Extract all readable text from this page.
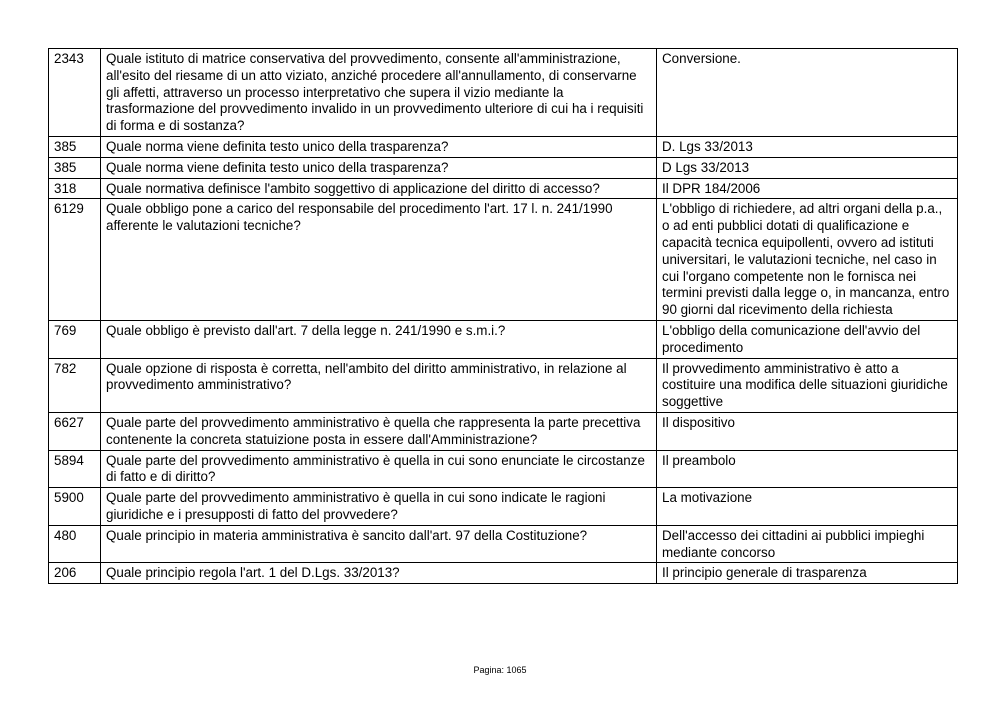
2343	Quale istituto di matrice conservativa del provvedimento, consente all'amministrazione, all'esito del riesame di un atto viziato, anziché procedere all'annullamento, di conservarne gli affetti, attraverso un processo interpretativo che supera il vizio mediante la trasformazione del provvedimento invalido in un provvedimento ulteriore di cui ha i requisiti di forma e di sostanza?	Conversione.
385	Quale norma viene definita testo unico della trasparenza?	D. Lgs 33/2013
385	Quale norma viene definita testo unico della trasparenza?	D Lgs 33/2013
318	Quale normativa definisce l'ambito soggettivo di applicazione del diritto di accesso?	Il DPR 184/2006
6129	Quale obbligo pone a carico del responsabile del procedimento l'art. 17 l. n. 241/1990 afferente le valutazioni tecniche?	L'obbligo di richiedere, ad altri organi della p.a., o ad enti pubblici dotati di qualificazione e capacità tecnica equipollenti, ovvero ad istituti universitari, le valutazioni tecniche, nel caso in cui l'organo competente non le fornisca nei termini previsti dalla legge o, in mancanza, entro 90 giorni dal ricevimento della richiesta
769	Quale obbligo è previsto dall'art. 7 della legge n. 241/1990 e s.m.i.?	L'obbligo della comunicazione dell'avvio del procedimento
782	Quale opzione di risposta è corretta, nell'ambito del diritto amministrativo, in relazione al provvedimento amministrativo?	Il provvedimento amministrativo è atto a costituire una modifica delle situazioni giuridiche soggettive
6627	Quale parte del provvedimento amministrativo è quella che rappresenta la parte precettiva contenente la concreta statuizione posta in essere dall'Amministrazione?	Il dispositivo
5894	Quale parte del provvedimento amministrativo è quella in cui sono enunciate le circostanze di fatto e di diritto?	Il preambolo
5900	Quale parte del provvedimento amministrativo è quella in cui sono indicate le ragioni giuridiche e i presupposti di fatto del provvedere?	La motivazione
480	Quale principio in materia amministrativa è sancito dall'art. 97 della Costituzione?	Dell'accesso dei cittadini ai pubblici impieghi mediante concorso
206	Quale principio regola l'art. 1 del D.Lgs. 33/2013?	Il principio generale di trasparenza
Pagina: 1065
